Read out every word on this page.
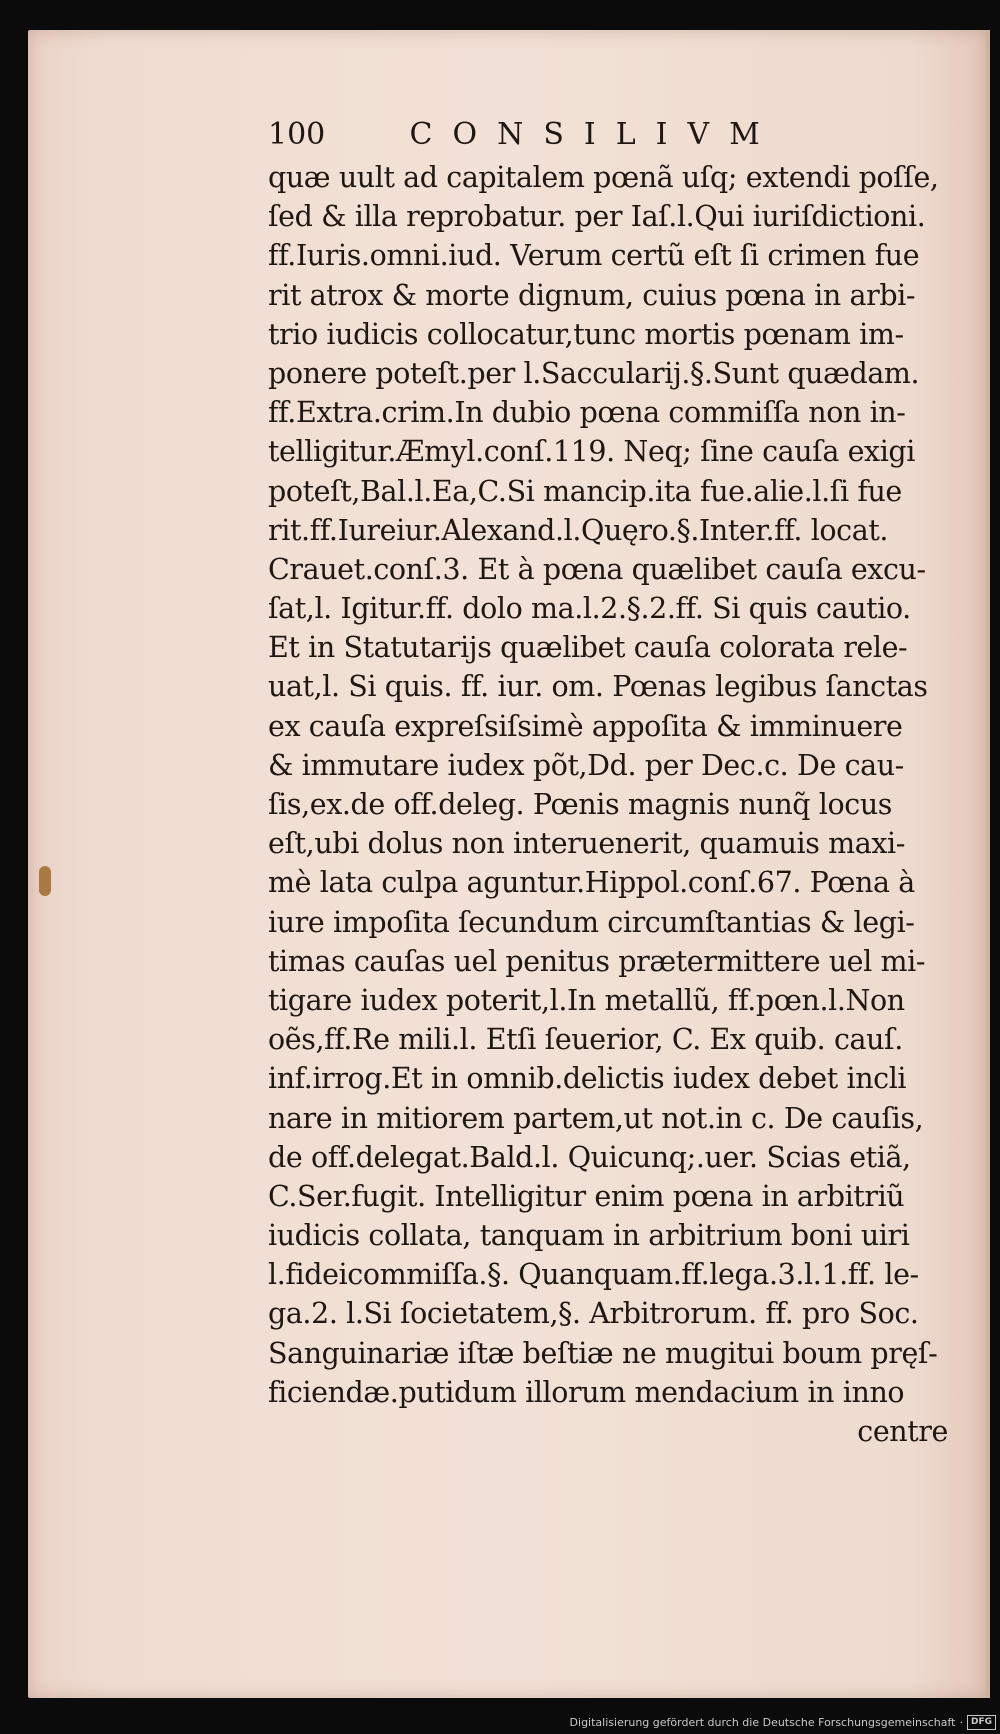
100	CONSILIVM
quæ uult ad capitalem pœnã uſq; extendi poſſe,
ſed & illa reprobatur. per Iaſ.l.Qui iuriſdictioni.
ff.Iuris.omni.iud. Verum certũ eſt ſi crimen fue
rit atrox & morte dignum, cuius pœna in arbi-
trio iudicis collocatur,tunc mortis pœnam im-
ponere poteſt.per l.Saccularij.§.Sunt quædam.
ff.Extra.crim.In dubio pœna commiſſa non in-
telligitur.Æmyl.conſ.119. Neq; ſine cauſa exigi
poteſt,Bal.l.Ea,C.Si mancip.ita fue.alie.l.ſi fue
rit.ff.Iureiur.Alexand.l.Quęro.§.Inter.ff. locat.
Crauet.conſ.3. Et à pœna quælibet cauſa excu-
ſat,l. Igitur.ff. dolo ma.l.2.§.2.ff. Si quis cautio.
Et in Statutarijs quælibet cauſa colorata rele-
uat,l. Si quis. ff. iur. om. Pœnas legibus ſanctas
ex cauſa expreſsiſsimè appoſita & imminuere
& immutare iudex põt,Dd. per Dec.c. De cau-
ſis,ex.de off.deleg. Pœnis magnis nunq̃ locus
eſt,ubi dolus non interuenerit, quamuis maxi-
mè lata culpa aguntur.Hippol.conſ.67. Pœna à
iure impoſita ſecundum circumſtantias & legi-
timas cauſas uel penitus prætermittere uel mi-
tigare iudex poterit,l.In metallũ, ff.pœn.l.Non
oẽs,ff.Re mili.l. Etſi ſeuerior, C. Ex quib. cauſ.
inf.irrog.Et in omnib.delictis iudex debet incli
nare in mitiorem partem,ut not.in c. De cauſis,
de off.delegat.Bald.l. Quicunq;.uer. Scias etiã,
C.Ser.fugit. Intelligitur enim pœna in arbitriũ
iudicis collata, tanquam in arbitrium boni uiri
l.fideicommiſſa.§. Quanquam.ff.lega.3.l.1.ff. le-
ga.2. l.Si ſocietatem,§. Arbitrorum. ff. pro Soc.
Sanguinariæ iſtæ beſtiæ ne mugitui boum pręſ-
ficiendæ.putidum illorum mendacium in inno
centre
Digitalisierung gefördert durch die Deutsche Forschungsgemeinschaft · DFG
